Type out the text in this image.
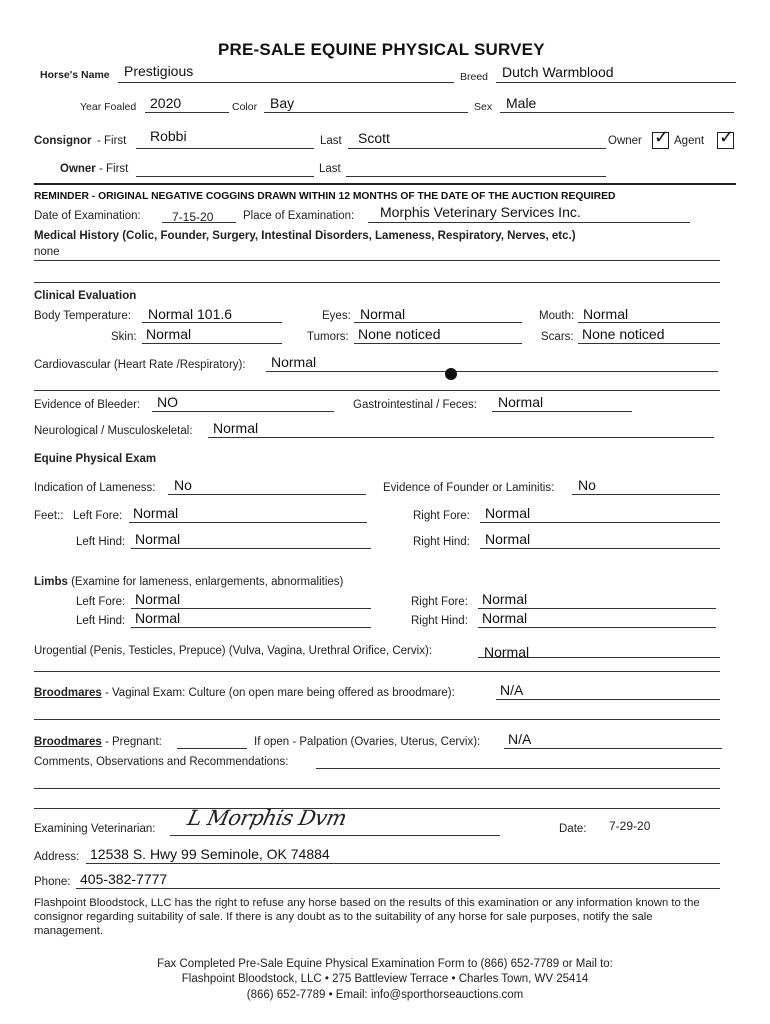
PRE-SALE EQUINE PHYSICAL SURVEY
Horse's Name Prestigious	Breed Dutch Warmblood
Year Foaled 2020	Color Bay	Sex Male
Consignor - First Robbi	Last Scott	Owner ✓ Agent ✓
Owner - First	Last
REMINDER - ORIGINAL NEGATIVE COGGINS DRAWN WITHIN 12 MONTHS OF THE DATE OF THE AUCTION REQUIRED
Date of Examination:	7-15-20	Place of Examination: Morphis Veterinary Services Inc.
Medical History (Colic, Founder, Surgery, Intestinal Disorders, Lameness, Respiratory, Nerves, etc.)
none
Clinical Evaluation
Body Temperature: Normal 101.6	Eyes: Normal	Mouth: Normal
Skin: Normal	Tumors: None noticed	Scars: None noticed
Cardiovascular (Heart Rate /Respiratory): Normal
Evidence of Bleeder: NO	Gastrointestinal / Feces: Normal
Neurological / Musculoskeletal: Normal
Equine Physical Exam
Indication of Lameness: No	Evidence of Founder or Laminitis: No
Feet:: Left Fore: Normal	Right Fore: Normal
Left Hind: Normal	Right Hind: Normal
Limbs (Examine for lameness, enlargements, abnormalities)
Left Fore: Normal	Right Fore: Normal
Left Hind: Normal	Right Hind: Normal
Urogential (Penis, Testicles, Prepuce) (Vulva, Vagina, Urethral Orifice, Cervix):	Normal
Broodmares - Vaginal Exam: Culture (on open mare being offered as broodmare):	N/A
Broodmares - Pregnant:	If open - Palpation (Ovaries, Uterus, Cervix): N/A
Comments, Observations and Recommendations:
Examining Veterinarian: L Morphis Dvm	Date: 7-29-20
Address: 12538 S. Hwy 99 Seminole, OK 74884
Phone: 405-382-7777
Flashpoint Bloodstock, LLC has the right to refuse any horse based on the results of this examination or any information known to the consignor regarding suitability of sale. If there is any doubt as to the suitability of any horse for sale purposes, notify the sale management.
Fax Completed Pre-Sale Equine Physical Examination Form to (866) 652-7789 or Mail to:
Flashpoint Bloodstock, LLC • 275 Battleview Terrace • Charles Town, WV 25414
(866) 652-7789 • Email: info@sporthorseauctions.com
